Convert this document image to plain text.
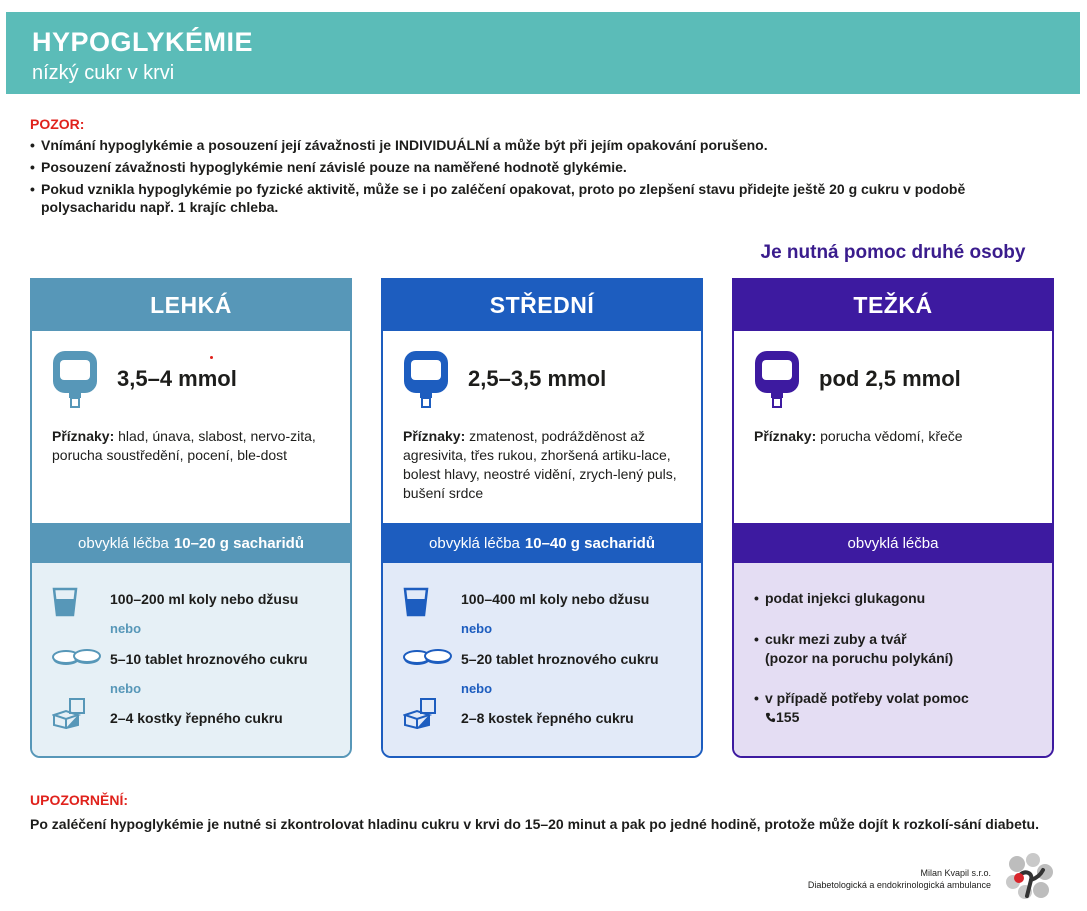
HYPOGLYKÉMIE
nízký cukr v krvi
POZOR:
• Vnímání hypoglykémie a posouzení její závažnosti je INDIVIDUÁLNÍ a může být při jejím opakování porušeno.
• Posouzení závažnosti hypoglykémie není závislé pouze na naměřené hodnotě glykémie.
• Pokud vznikla hypoglykémie po fyzické aktivitě, může se i po zaléčení opakovat, proto po zlepšení stavu přidejte ještě 20 g cukru v podobě polysacharidu např. 1 krajíc chleba.
Je nutná pomoc druhé osoby
LEHKÁ
3,5–4 mmol
Příznaky: hlad, únava, slabost, nervo-zita, porucha soustředění, pocení, ble-dost
obvyklá léčba 10–20 g sacharidů
100–200 ml koly nebo džusu
nebo
5–10 tablet hroznového cukru
nebo
2–4 kostky řepného cukru
STŘEDNÍ
2,5–3,5 mmol
Příznaky: zmatenost, podrážděnost až agresivita, třes rukou, zhoršená artiku-lace, bolest hlavy, neostré vidění, zrych-lený puls, bušení srdce
obvyklá léčba 10–40 g sacharidů
100–400 ml koly nebo džusu
nebo
5–20 tablet hroznového cukru
nebo
2–8 kostek řepného cukru
TEŽKÁ
pod 2,5 mmol
Příznaky: porucha vědomí, křeče
obvyklá léčba
• podat injekci glukagonu
• cukr mezi zuby a tvář
(pozor na poruchu polykání)
• v případě potřeby volat pomoc
155
UPOZORNĚNÍ:
Po zaléčení hypoglykémie je nutné si zkontrolovat hladinu cukru v krvi do 15–20 minut a pak po jedné hodině, protože může dojít k rozkolí-sání diabetu.
Milan Kvapil s.r.o.
Diabetologická a endokrinologická ambulance
